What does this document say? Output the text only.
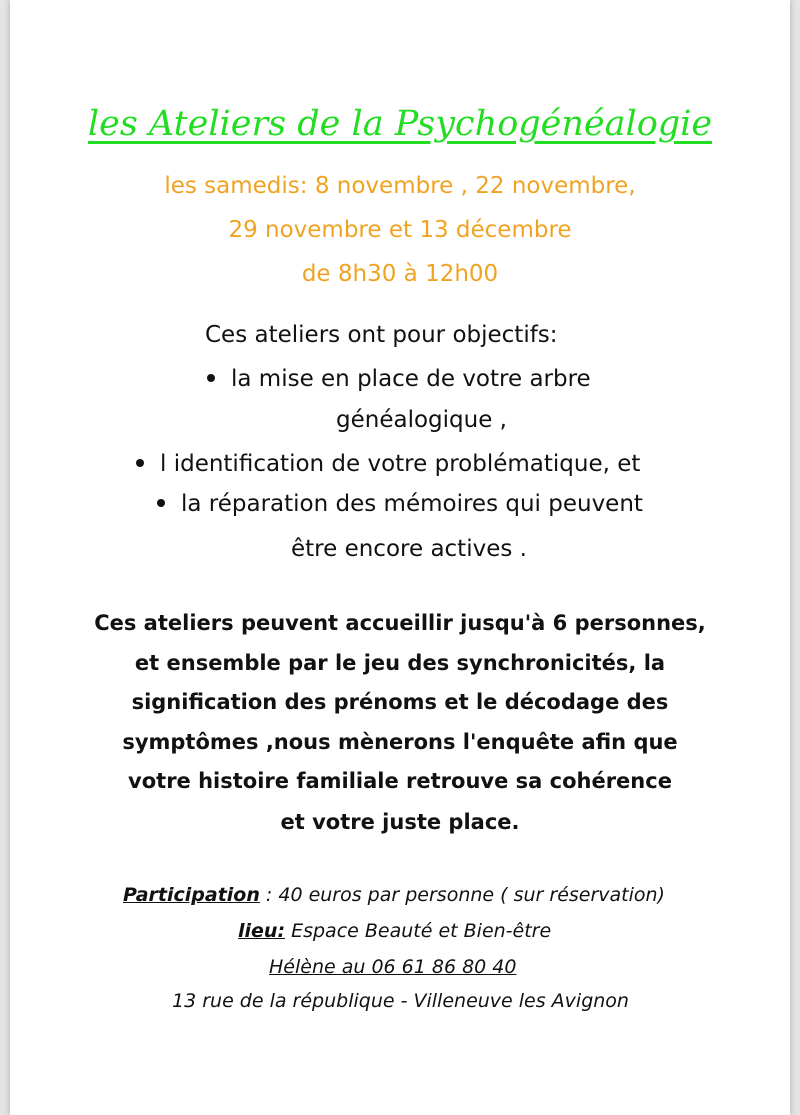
les Ateliers de la Psychogénéalogie
les samedis: 8 novembre , 22 novembre,
29 novembre et 13 décembre
de 8h30 à 12h00
Ces ateliers ont pour objectifs:
la mise en place de votre arbre
généalogique ,
l identification de votre problématique, et
la réparation des mémoires qui peuvent
être encore actives .
Ces ateliers peuvent accueillir jusqu'à 6 personnes,
et ensemble par le jeu des synchronicités, la
signification des prénoms et le décodage des
symptômes ,nous mènerons l'enquête afin que
votre histoire familiale retrouve sa cohérence
et votre juste place.
Participation : 40 euros par personne ( sur réservation)
lieu: Espace Beauté et Bien-être
Hélène au 06 61 86 80 40
13 rue de la république - Villeneuve les Avignon
